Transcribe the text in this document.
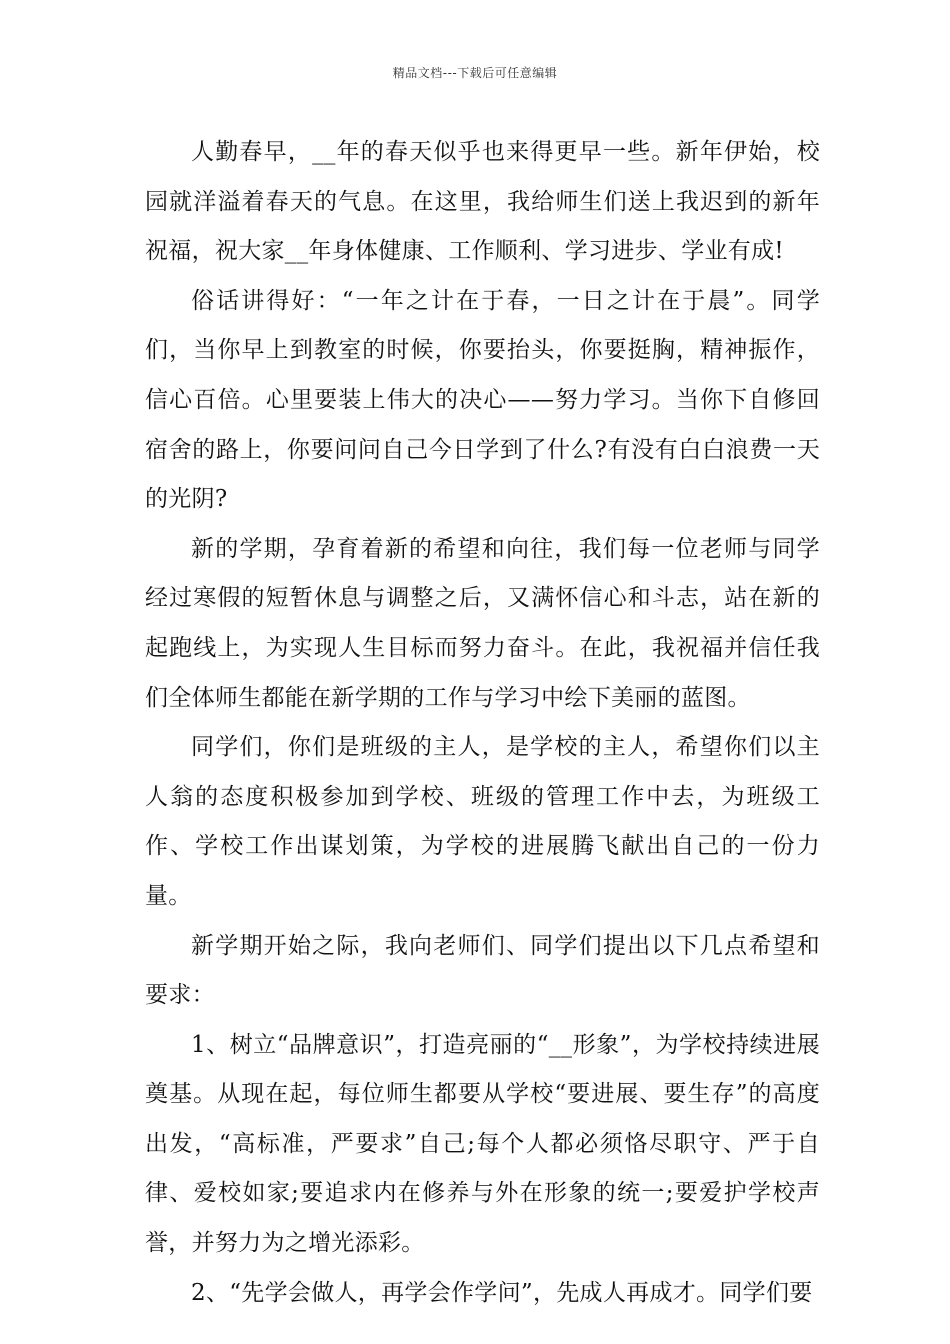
精品文档---下载后可任意编辑

人勤春早，__年的春天似乎也来得更早一些。新年伊始，校园就洋溢着春天的气息。在这里，我给师生们送上我迟到的新年祝福，祝大家__年身体健康、工作顺利、学习进步、学业有成!

俗话讲得好：“一年之计在于春，一日之计在于晨”。同学们，当你早上到教室的时候，你要抬头，你要挺胸，精神振作，信心百倍。心里要装上伟大的决心——努力学习。当你下自修回宿舍的路上，你要问问自己今日学到了什么?有没有白白浪费一天的光阴?

新的学期，孕育着新的希望和向往，我们每一位老师与同学经过寒假的短暂休息与调整之后，又满怀信心和斗志，站在新的起跑线上，为实现人生目标而努力奋斗。在此，我祝福并信任我们全体师生都能在新学期的工作与学习中绘下美丽的蓝图。

同学们，你们是班级的主人，是学校的主人，希望你们以主人翁的态度积极参加到学校、班级的管理工作中去，为班级工作、学校工作出谋划策，为学校的进展腾飞献出自己的一份力量。

新学期开始之际，我向老师们、同学们提出以下几点希望和要求：

1、树立“品牌意识”，打造亮丽的“__形象”，为学校持续进展奠基。从现在起，每位师生都要从学校“要进展、要生存”的高度出发，“高标准，严要求”自己;每个人都必须恪尽职守、严于自律、爱校如家;要追求内在修养与外在形象的统一;要爱护学校声誉，并努力为之增光添彩。

2、“先学会做人，再学会作学问”，先成人再成才。同学们要
